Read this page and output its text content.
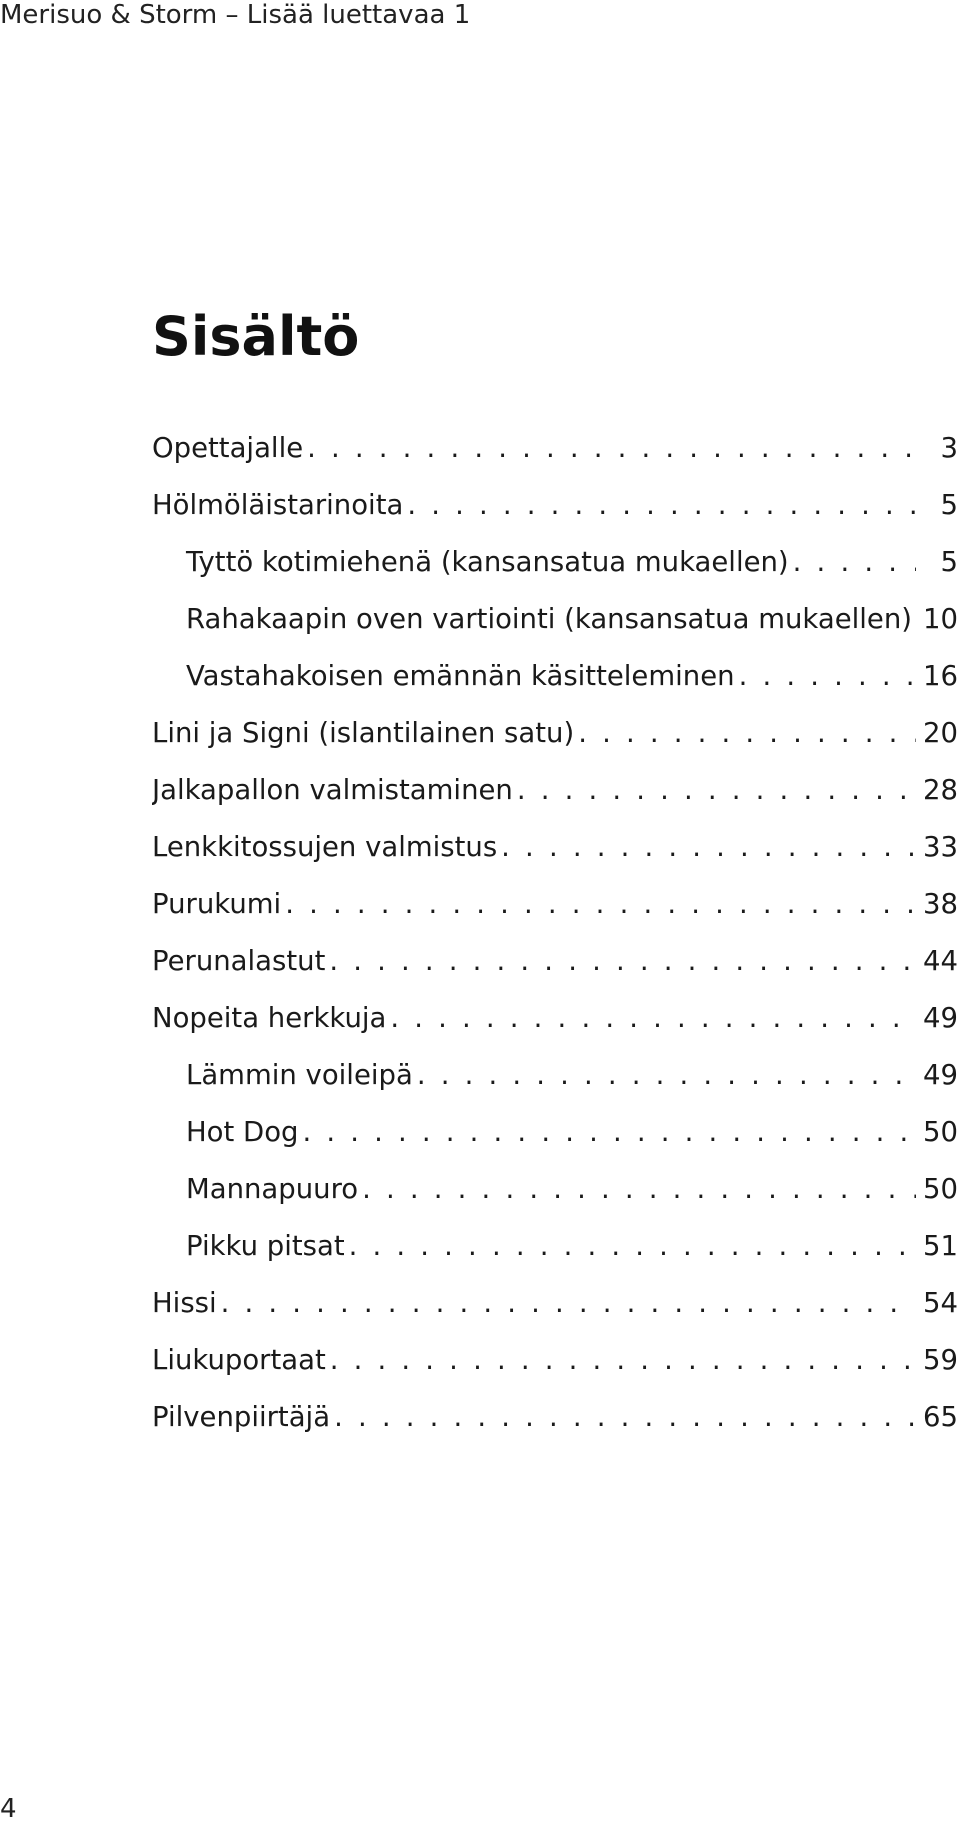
Merisuo & Storm – Lisää luettavaa 1
Sisältö
Opettajalle . . .	3
Hölmöläistarinoita . . .	5
Tyttö kotimiehenä (kansansatua mukaellen) . . .	5
Rahakaapin oven vartiointi (kansansatua mukaellen) . . . 10
Vastahakoisen emännän käsitteleminen . . .	16
Lini ja Signi (islantilainen satu) . . .	20
Jalkapallon valmistaminen . . .	28
Lenkkitossujen valmistus . . .	33
Purukumi . . .	38
Perunalastut . . .	44
Nopeita herkkuja . . .	49
Lämmin voileipä . . .	49
Hot Dog . . .	50
Mannapuuro . . .	50
Pikku pitsat . . .	51
Hissi . . .	54
Liukuportaat . . .	59
Pilvenpiirtäjä . . .	65
4
